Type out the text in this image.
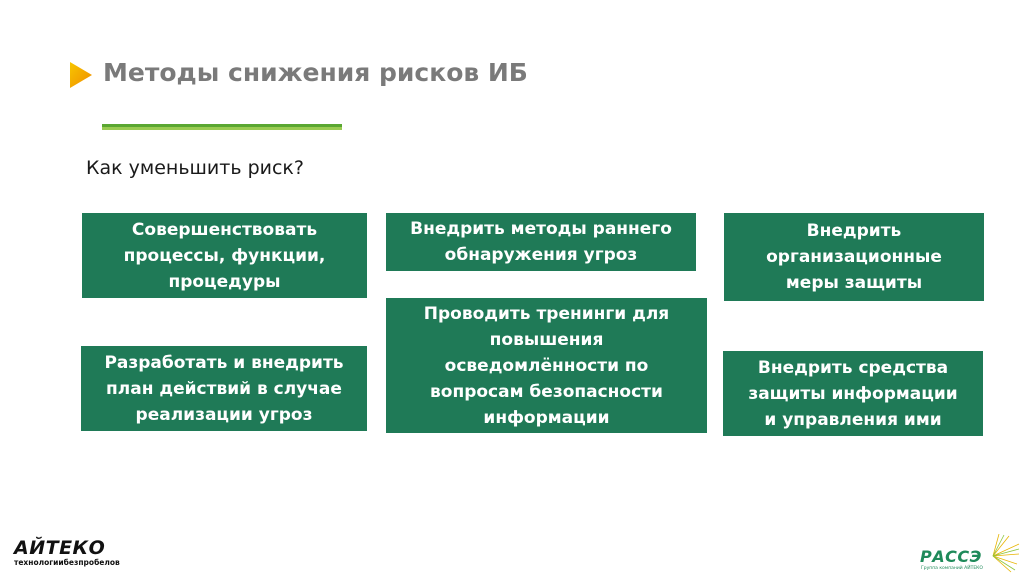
Методы снижения рисков ИБ
Как уменьшить риск?
Совершенствовать
процессы, функции,
процедуры
Внедрить методы раннего
обнаружения угроз
Внедрить
организационные
меры защиты
Разработать и внедрить
план действий в случае
реализации угроз
Проводить тренинги для
повышения
осведомлённости по
вопросам безопасности
информации
Внедрить средства
защиты информации
и управления ими
АЙТЕКО
технологиибезпробелов	РАССЭ
Группа компаний АЙТЕКО
